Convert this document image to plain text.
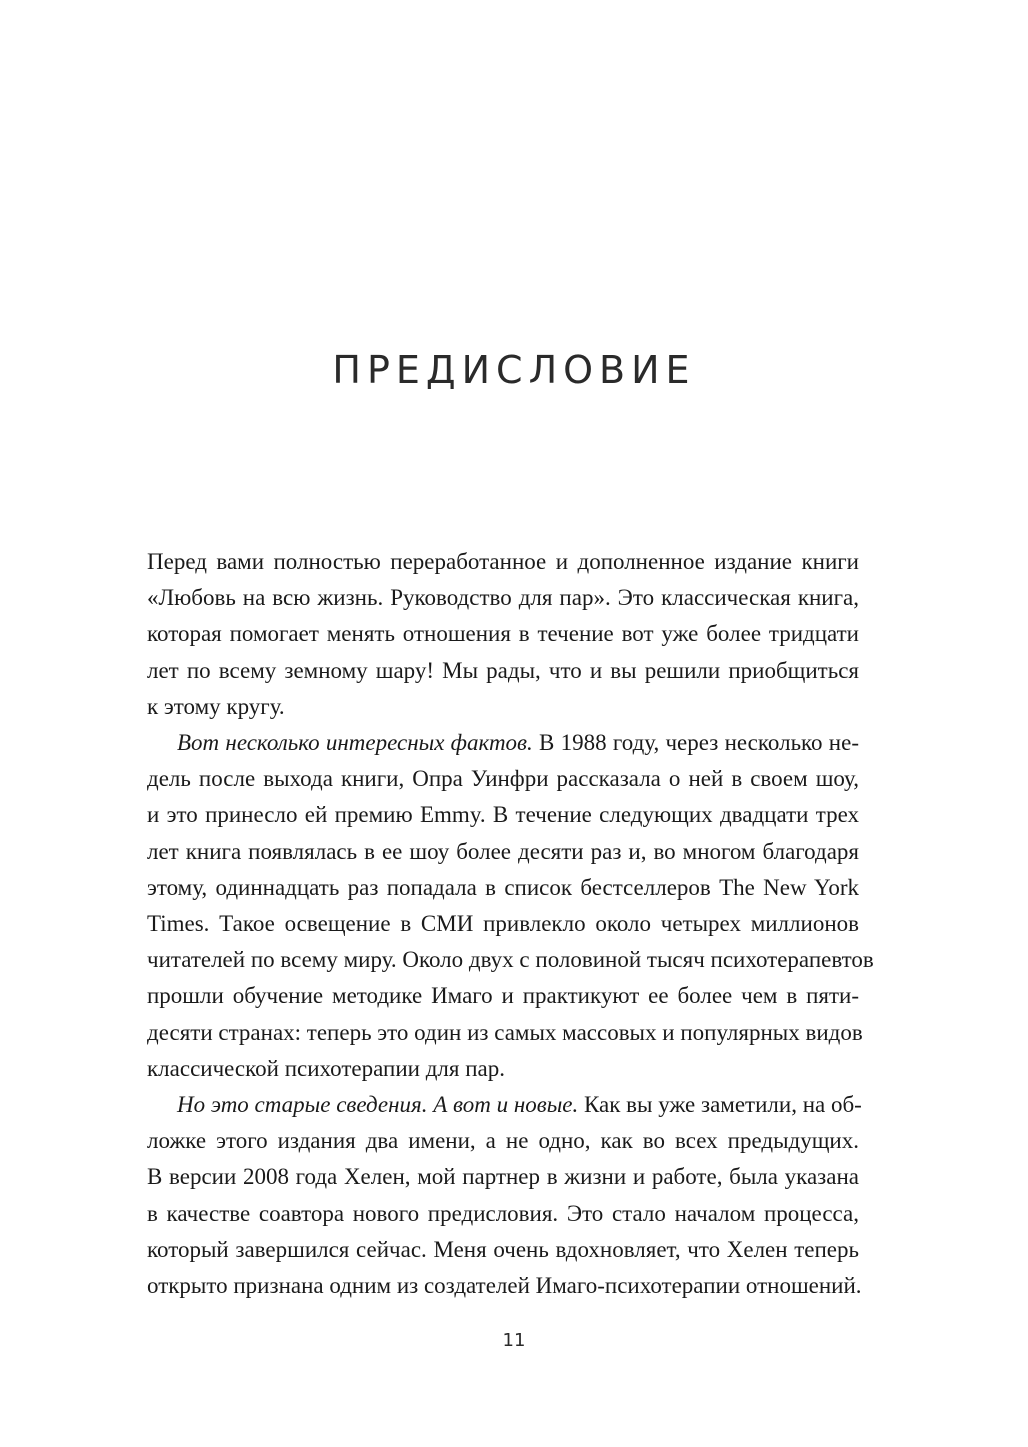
ПРЕДИСЛОВИЕ

Перед вами полностью переработанное и дополненное издание книги
«Любовь на всю жизнь. Руководство для пар». Это классическая книга,
которая помогает менять отношения в течение вот уже более тридцати
лет по всему земному шару! Мы рады, что и вы решили приобщиться
к этому кругу.

Вот несколько интересных фактов. В 1988 году, через несколько не-
дель после выхода книги, Опра Уинфри рассказала о ней в своем шоу,
и это принесло ей премию Emmy. В течение следующих двадцати трех
лет книга появлялась в ее шоу более десяти раз и, во многом благодаря
этому, одиннадцать раз попадала в список бестселлеров The New York
Times. Такое освещение в СМИ привлекло около четырех миллионов
читателей по всему миру. Около двух с половиной тысяч психотерапевтов
прошли обучение методике Имаго и практикуют ее более чем в пяти-
десяти странах: теперь это один из самых массовых и популярных видов
классической психотерапии для пар.

Но это старые сведения. А вот и новые. Как вы уже заметили, на об-
ложке этого издания два имени, а не одно, как во всех предыдущих.
В версии 2008 года Хелен, мой партнер в жизни и работе, была указана
в качестве соавтора нового предисловия. Это стало началом процесса,
который завершился сейчас. Меня очень вдохновляет, что Хелен теперь
открыто признана одним из создателей Имаго-психотерапии отношений.

11
